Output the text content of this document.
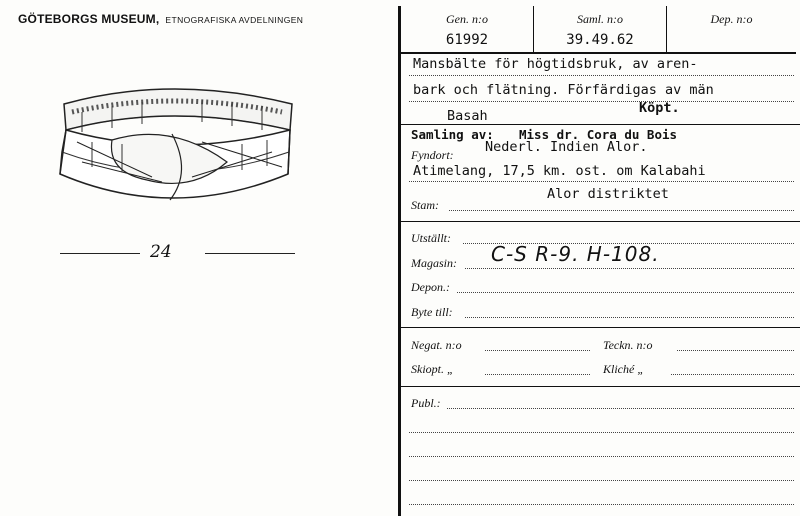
GÖTEBORGS MUSEUM, ETNOGRAFISKA AVDELNINGEN
24
Gen. n:o
61992
Saml. n:o
39.49.62
Dep. n:o
Mansbälte för högtidsbruk, av aren-
bark och flätning. Förfärdigas av män
Köpt.
Basah
Samling av: Miss dr. Cora du Bois
Nederl. Indien Alor.
Fyndort:
Atimelang, 17,5 km. ost. om Kalabahi
Alor distriktet
Stam:
Utställt:
Magasin: C-S R-9. H-108.
Depon.:
Byte till:
Negat. n:o	Teckn. n:o
Skiopt. „	Kliché „
Publ.:
